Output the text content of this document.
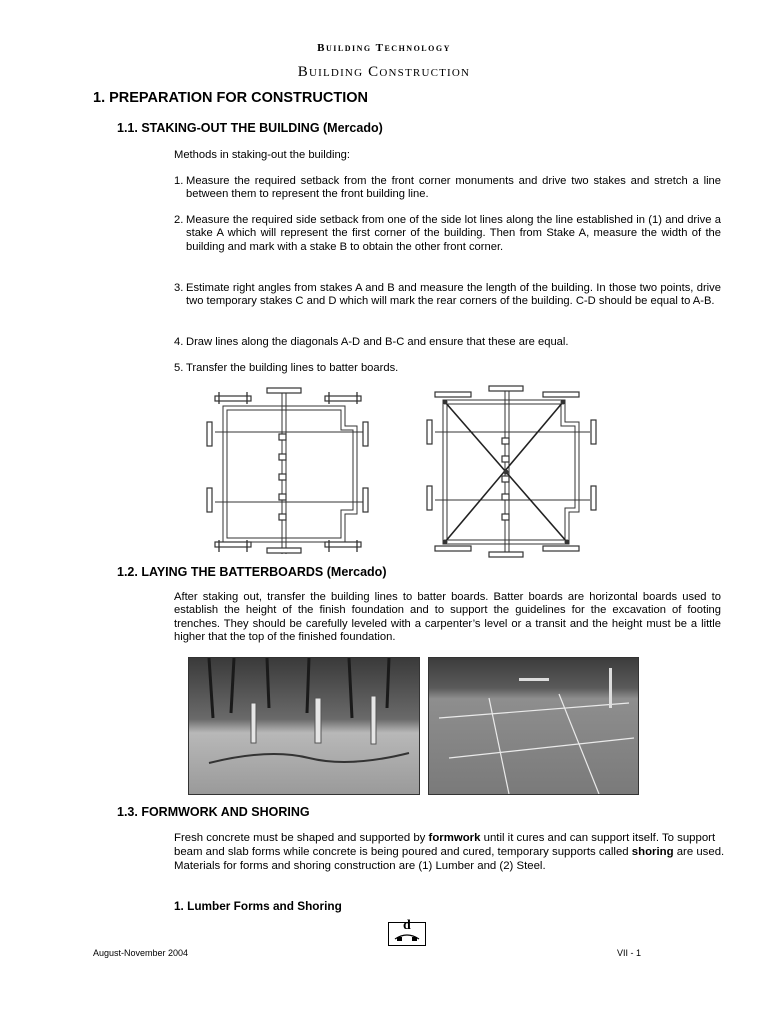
Building Technology
Building Construction
1. PREPARATION FOR CONSTRUCTION
1.1. STAKING-OUT THE BUILDING (Mercado)
Methods in staking-out the building:
1. Measure the required setback from the front corner monuments and drive two stakes and stretch a line between them to represent the front building line.
2. Measure the required side setback from one of the side lot lines along the line established in (1) and drive a stake A which will represent the first corner of the building. Then from Stake A, measure the width of the building and mark with a stake B to obtain the other front corner.
3. Estimate right angles from stakes A and B and measure the length of the building. In those two points, drive two temporary stakes C and D which will mark the rear corners of the building. C-D should be equal to A-B.
4. Draw lines along the diagonals A-D and B-C and ensure that these are equal.
5. Transfer the building lines to batter boards.
1.2. LAYING THE BATTERBOARDS (Mercado)
After staking out, transfer the building lines to batter boards. Batter boards are horizontal boards used to establish the height of the finish foundation and to support the guidelines for the excavation of footing trenches. They should be carefully leveled with a carpenter’s level or a transit and the height must be a little higher that the top of the finished foundation.
1.3. FORMWORK AND SHORING
Fresh concrete must be shaped and supported by formwork until it cures and can support itself. To support beam and slab forms while concrete is being poured and cured, temporary supports called shoring are used. Materials for forms and shoring construction are (1) Lumber and (2) Steel.
1. Lumber Forms and Shoring
August-November 2004
d
VII - 1
